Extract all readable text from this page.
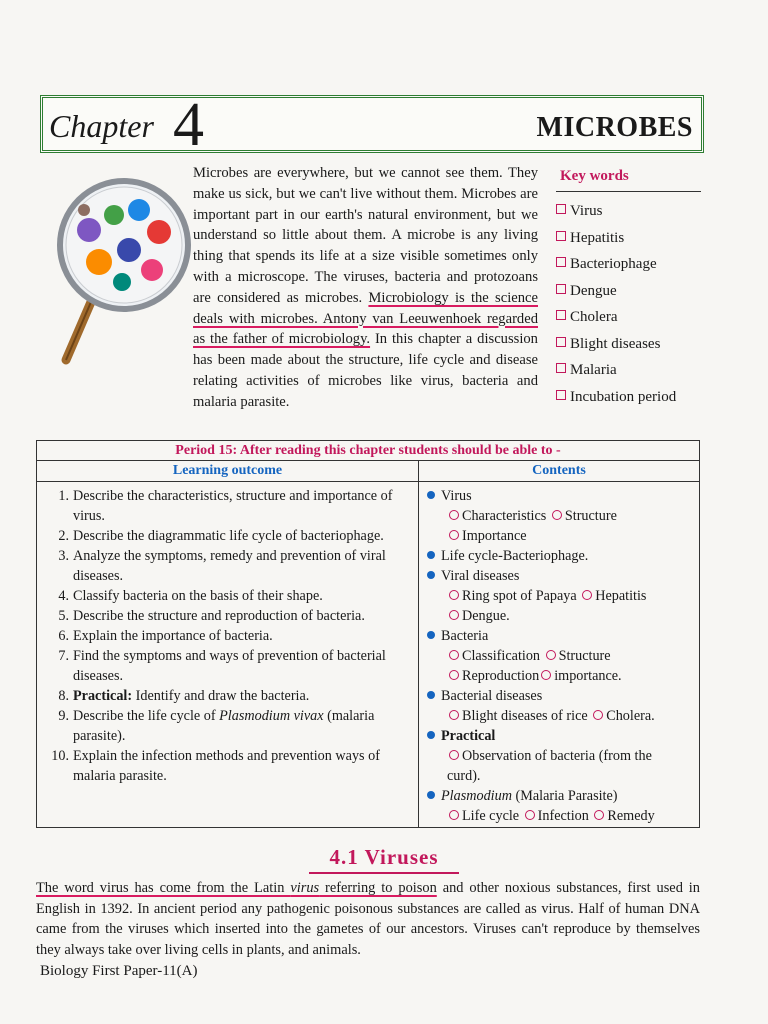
Chapter 4	MICROBES
Microbes are everywhere, but we cannot see them. They make us sick, but we can't live without them. Microbes are important part in our earth's natural environment, but we understand so little about them. A microbe is any living thing that spends its life at a size visible sometimes only with a microscope. The viruses, bacteria and protozoans are considered as microbes. Microbiology is the science deals with microbes. Antony van Leeuwenhoek regarded as the father of microbiology. In this chapter a discussion has been made about the structure, life cycle and disease relating activities of microbes like virus, bacteria and malaria parasite.
Key words
Virus
Hepatitis
Bacteriophage
Dengue
Cholera
Blight diseases
Malaria
Incubation period
Period 15: After reading this chapter students should be able to -
Learning outcome	Contents
1. Describe the characteristics, structure and importance of virus.
2. Describe the diagrammatic life cycle of bacteriophage.
3. Analyze the symptoms, remedy and prevention of viral diseases.
4. Classify bacteria on the basis of their shape.
5. Describe the structure and reproduction of bacteria.
6. Explain the importance of bacteria.
7. Find the symptoms and ways of prevention of bacterial diseases.
8. Practical: Identify and draw the bacteria.
9. Describe the life cycle of Plasmodium vivax (malaria parasite).
10. Explain the infection methods and prevention ways of malaria parasite.
Virus
Characteristics Structure
Importance
Life cycle-Bacteriophage.
Viral diseases
Ring spot of Papaya Hepatitis
Dengue.
Bacteria
Classification Structure
Reproduction importance.
Bacterial diseases
Blight diseases of rice Cholera.
Practical
Observation of bacteria (from the
curd).
Plasmodium (Malaria Parasite)
Life cycle Infection Remedy
4.1 Viruses
The word virus has come from the Latin virus referring to poison and other noxious substances, first used in English in 1392. In ancient period any pathogenic poisonous substances are called as virus. Half of human DNA came from the viruses which inserted into the gametes of our ancestors. Viruses can't reproduce by themselves they always take over living cells in plants, and animals.
Biology First Paper-11(A)
